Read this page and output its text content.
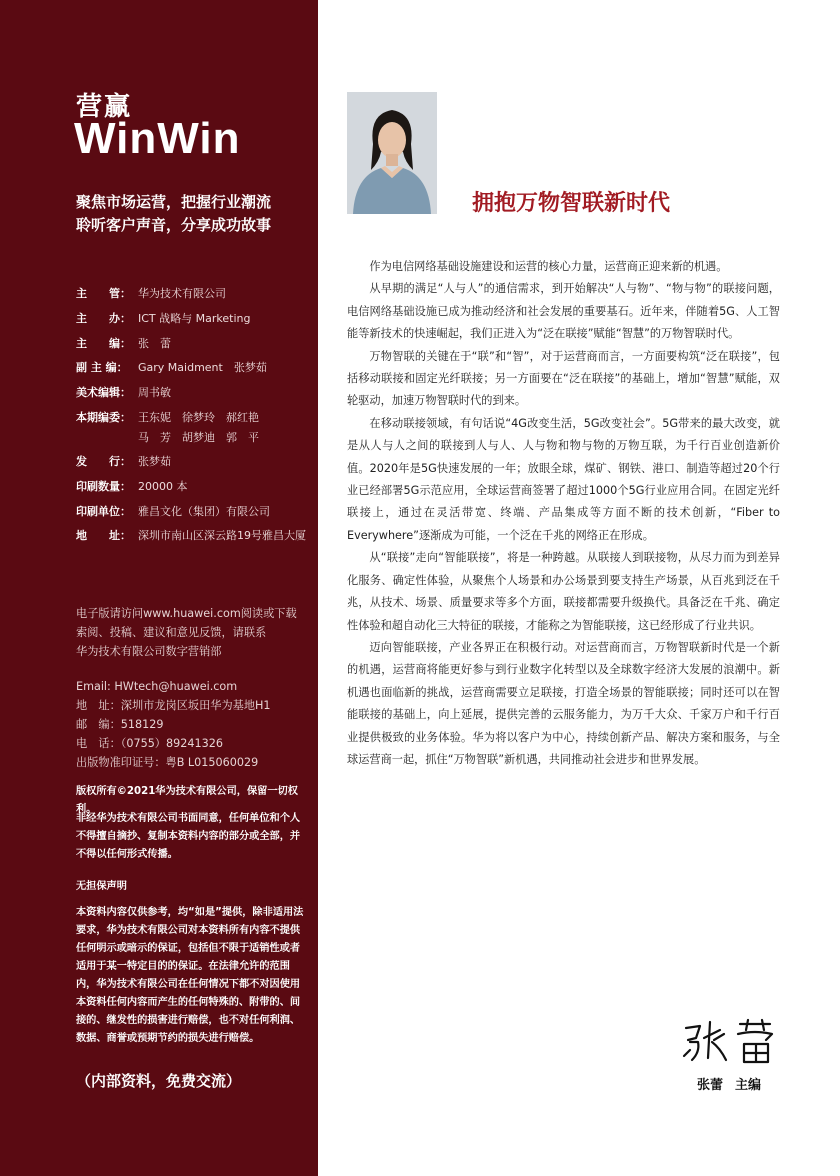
营赢
WinWin
聚焦市场运营，把握行业潮流
聆听客户声音，分享成功故事
主　　管： 华为技术有限公司
主　　办： ICT 战略与 Marketing
主　　编： 张　蕾
副 主 编： Gary Maidment　张梦茹
美术编辑： 周书敏
本期编委： 王东妮　徐梦玲　郝红艳
马　芳　胡梦迪　郭　平
发　　行： 张梦茹
印刷数量： 20000 本
印刷单位： 雅昌文化（集团）有限公司
地　　址： 深圳市南山区深云路19号雅昌大厦
电子版请访问www.huawei.com阅读或下载
索阅、投稿、建议和意见反馈，请联系
华为技术有限公司数字营销部
Email: HWtech@huawei.com
地　址：深圳市龙岗区坂田华为基地H1
邮　编：518129
电　话：（0755）89241326
出版物准印证号：粤B L015060029
版权所有©2021华为技术有限公司，保留一切权利。
非经华为技术有限公司书面同意，任何单位和个人不得擅自摘抄、复制本资料内容的部分或全部，并不得以任何形式传播。
无担保声明
本资料内容仅供参考，均“如是”提供，除非适用法要求，华为技术有限公司对本资料所有内容不提供任何明示或暗示的保证，包括但不限于适销性或者适用于某一特定目的的保证。在法律允许的范围内，华为技术有限公司在任何情况下都不对因使用本资料任何内容而产生的任何特殊的、附带的、间接的、继发性的损害进行赔偿，也不对任何利润、数据、商誉或预期节约的损失进行赔偿。
（内部资料，免费交流）
拥抱万物智联新时代

作为电信网络基础设施建设和运营的核心力量，运营商正迎来新的机遇。

从早期的满足“人与人”的通信需求，到开始解决“人与物”、“物与物”的联接问题，电信网络基础设施已成为推动经济和社会发展的重要基石。近年来，伴随着5G、人工智能等新技术的快速崛起，我们正进入为“泛在联接”赋能“智慧”的万物智联时代。

万物智联的关键在于“联”和“智”，对于运营商而言，一方面要构筑“泛在联接”，包括移动联接和固定光纤联接；另一方面要在“泛在联接”的基础上，增加“智慧”赋能，双轮驱动，加速万物智联时代的到来。

在移动联接领域，有句话说“4G改变生活，5G改变社会”。5G带来的最大改变，就是从人与人之间的联接到人与人、人与物和物与物的万物互联，为千行百业创造新价值。2020年是5G快速发展的一年；放眼全球，煤矿、钢铁、港口、制造等超过20个行业已经部署5G示范应用，全球运营商签署了超过1000个5G行业应用合同。在固定光纤联接上，通过在灵活带宽、终端、产品集成等方面不断的技术创新，“Fiber to Everywhere”逐渐成为可能，一个泛在千兆的网络正在形成。

从“联接”走向“智能联接”，将是一种跨越。从联接人到联接物，从尽力而为到差异化服务、确定性体验，从聚焦个人场景和办公场景到要支持生产场景，从百兆到泛在千兆，从技术、场景、质量要求等多个方面，联接都需要升级换代。具备泛在千兆、确定性体验和超自动化三大特征的联接，才能称之为智能联接，这已经形成了行业共识。

迈向智能联接，产业各界正在积极行动。对运营商而言，万物智联新时代是一个新的机遇，运营商将能更好参与到行业数字化转型以及全球数字经济大发展的浪潮中。新机遇也面临新的挑战，运营商需要立足联接，打造全场景的智能联接；同时还可以在智能联接的基础上，向上延展，提供完善的云服务能力，为万千大众、千家万户和千行百业提供极致的业务体验。华为将以客户为中心，持续创新产品、解决方案和服务，与全球运营商一起，抓住“万物智联”新机遇，共同推动社会进步和世界发展。

张蕾 主编
